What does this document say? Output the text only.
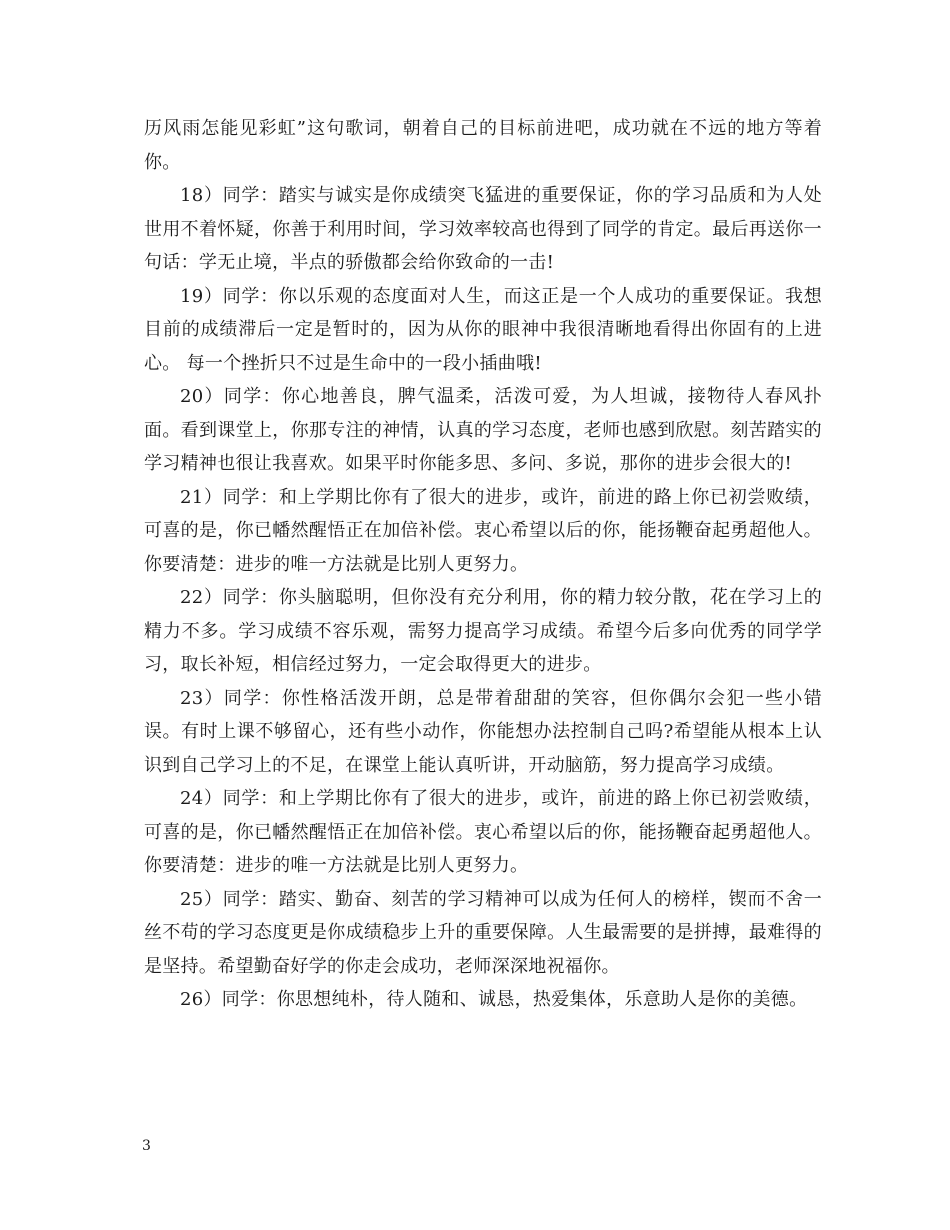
历风雨怎能见彩虹”这句歌词，朝着自己的目标前进吧，成功就在不远的地方等着你。

18）同学：踏实与诚实是你成绩突飞猛进的重要保证，你的学习品质和为人处世用不着怀疑，你善于利用时间，学习效率较高也得到了同学的肯定。最后再送你一句话：学无止境，半点的骄傲都会给你致命的一击!

19）同学：你以乐观的态度面对人生，而这正是一个人成功的重要保证。我想目前的成绩滞后一定是暂时的，因为从你的眼神中我很清晰地看得出你固有的上进心。 每一个挫折只不过是生命中的一段小插曲哦!

20）同学：你心地善良，脾气温柔，活泼可爱，为人坦诚，接物待人春风扑面。看到课堂上，你那专注的神情，认真的学习态度，老师也感到欣慰。刻苦踏实的学习精神也很让我喜欢。如果平时你能多思、多问、多说，那你的进步会很大的!

21）同学：和上学期比你有了很大的进步，或许，前进的路上你已初尝败绩，可喜的是，你已幡然醒悟正在加倍补偿。衷心希望以后的你，能扬鞭奋起勇超他人。你要清楚：进步的唯一方法就是比别人更努力。

22）同学：你头脑聪明，但你没有充分利用，你的精力较分散，花在学习上的精力不多。学习成绩不容乐观，需努力提高学习成绩。希望今后多向优秀的同学学习，取长补短，相信经过努力，一定会取得更大的进步。

23）同学：你性格活泼开朗，总是带着甜甜的笑容，但你偶尔会犯一些小错误。有时上课不够留心，还有些小动作，你能想办法控制自己吗?希望能从根本上认识到自己学习上的不足，在课堂上能认真听讲，开动脑筋，努力提高学习成绩。

24）同学：和上学期比你有了很大的进步，或许，前进的路上你已初尝败绩，可喜的是，你已幡然醒悟正在加倍补偿。衷心希望以后的你，能扬鞭奋起勇超他人。你要清楚：进步的唯一方法就是比别人更努力。

25）同学：踏实、勤奋、刻苦的学习精神可以成为任何人的榜样，锲而不舍一丝不苟的学习态度更是你成绩稳步上升的重要保障。人生最需要的是拼搏，最难得的是坚持。希望勤奋好学的你走会成功，老师深深地祝福你。

26）同学：你思想纯朴，待人随和、诚恳，热爱集体，乐意助人是你的美德。

3
